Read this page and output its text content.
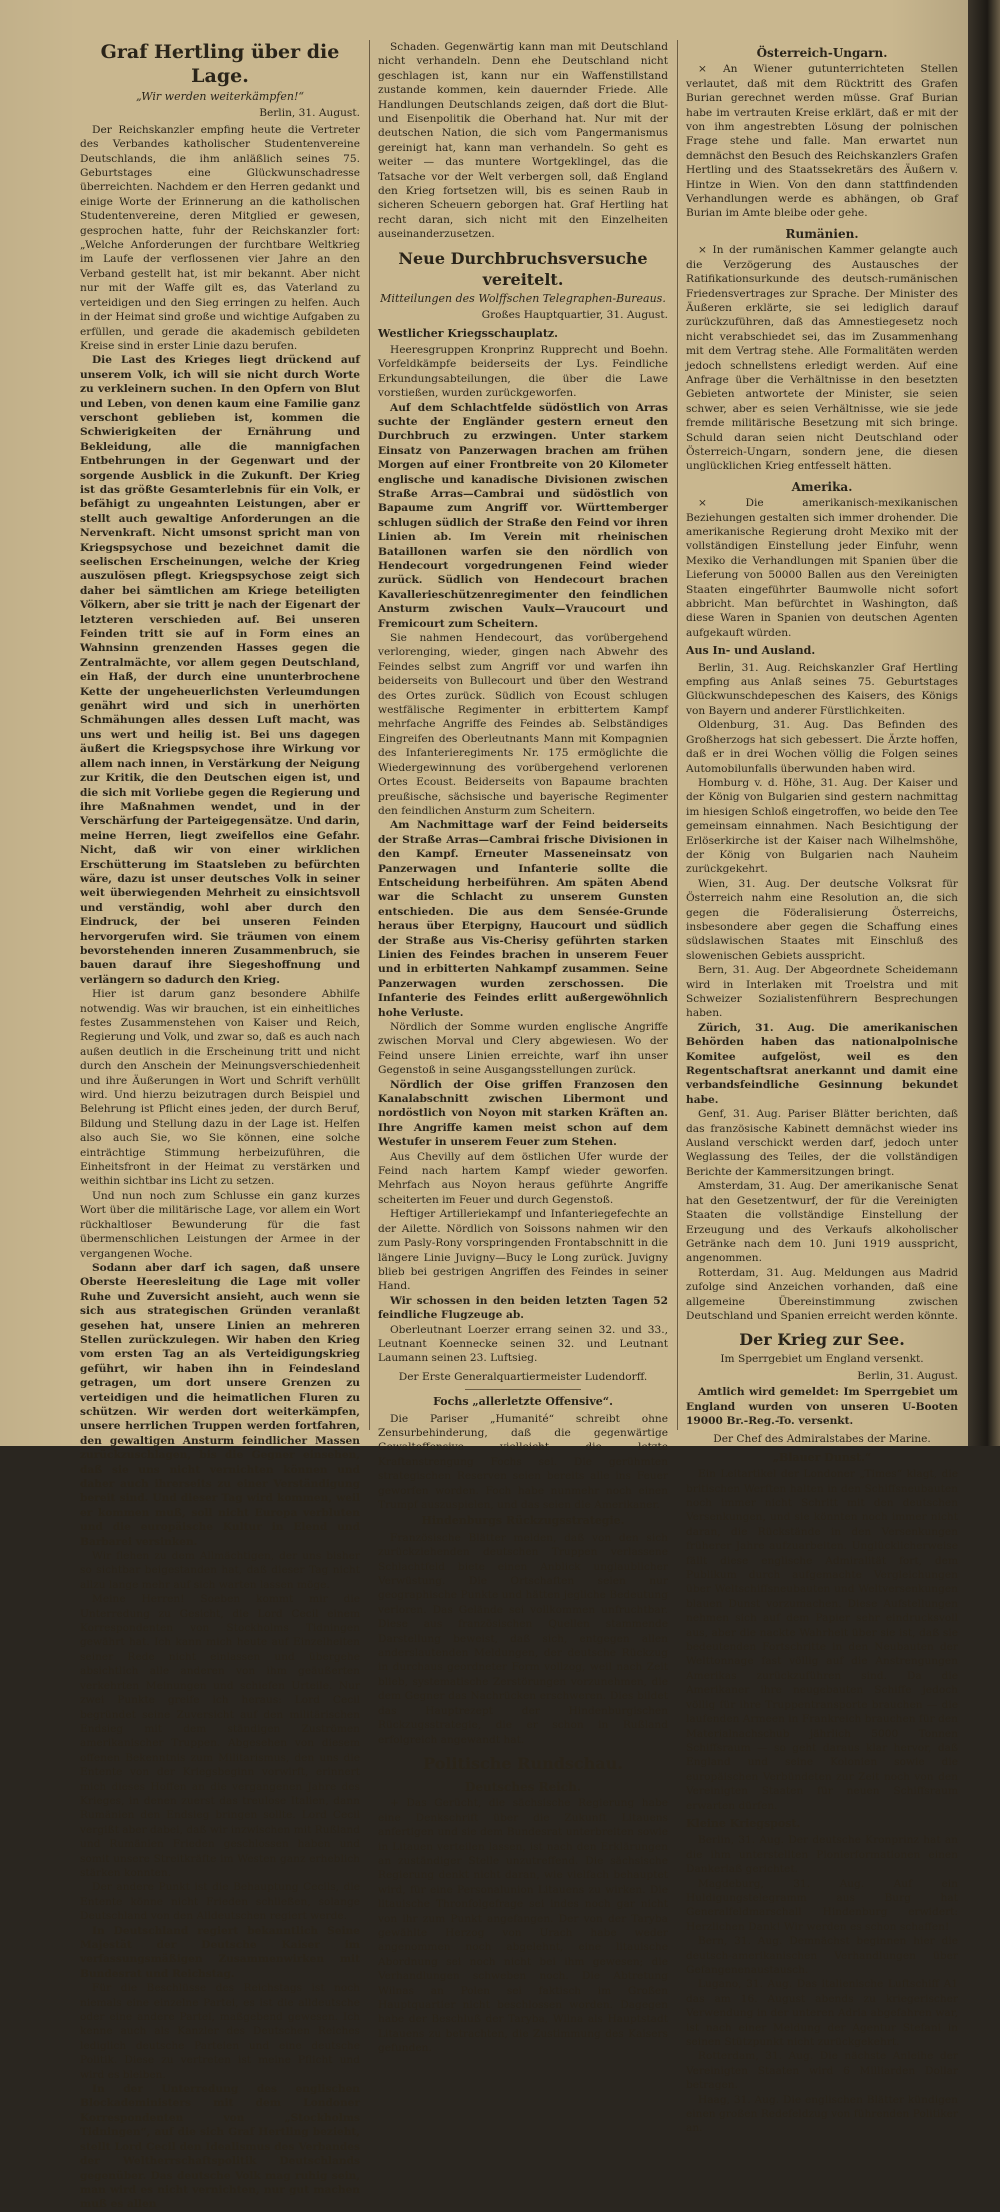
Graf Hertling über die Lage.
„Wir werden weiterkämpfen!“
Berlin, 31. August.

Der Reichskanzler empfing heute die Vertreter des Verbandes katholischer Studentenvereine Deutschlands, die ihm anläßlich seines 75. Geburtstages eine Glückwunschadresse überreichten. Nachdem er den Herren gedankt und einige Worte der Erinnerung an die katholischen Studentenvereine, deren Mitglied er gewesen, gesprochen hatte, fuhr der Reichskanzler fort: „Welche Anforderungen der furchtbare Weltkrieg im Laufe der verflossenen vier Jahre an den Verband gestellt hat, ist mir bekannt. Aber nicht nur mit der Waffe gilt es, das Vaterland zu verteidigen und den Sieg erringen zu helfen. Auch in der Heimat sind große und wichtige Aufgaben zu erfüllen, und gerade die akademisch gebildeten Kreise sind in erster Linie dazu berufen.

Die Last des Krieges liegt drückend auf unserem Volk, ich will sie nicht durch Worte zu verkleinern suchen. In den Opfern von Blut und Leben, von denen kaum eine Familie ganz verschont geblieben ist, kommen die Schwierigkeiten der Ernährung und Bekleidung, alle die mannigfachen Entbehrungen in der Gegenwart und der sorgende Ausblick in die Zukunft. Der Krieg ist das größte Gesamterlebnis für ein Volk, er befähigt zu ungeahnten Leistungen, aber er stellt auch gewaltige Anforderungen an die Nervenkraft. Nicht umsonst spricht man von Kriegspsychose und bezeichnet damit die seelischen Erscheinungen, welche der Krieg auszulösen pflegt. Kriegspsychose zeigt sich daher bei sämtlichen am Kriege beteiligten Völkern, aber sie tritt je nach der Eigenart der letzteren verschieden auf. Bei unseren Feinden tritt sie auf in Form eines an Wahnsinn grenzenden Hasses gegen die Zentralmächte, vor allem gegen Deutschland, ein Haß, der durch eine ununterbrochene Kette der ungeheuerlichsten Verleumdungen genährt wird und sich in unerhörten Schmähungen alles dessen Luft macht, was uns wert und heilig ist. Bei uns dagegen äußert die Kriegspsychose ihre Wirkung vor allem nach innen, in Verstärkung der Neigung zur Kritik, die den Deutschen eigen ist, und die sich mit Vorliebe gegen die Regierung und ihre Maßnahmen wendet, und in der Verschärfung der Parteigegensätze. Und darin, meine Herren, liegt zweifellos eine Gefahr. Nicht, daß wir von einer wirklichen Erschütterung im Staatsleben zu befürchten wäre, dazu ist unser deutsches Volk in seiner weit überwiegenden Mehrheit zu einsichtsvoll und verständig, wohl aber durch den Eindruck, der bei unseren Feinden hervorgerufen wird. Sie träumen von einem bevorstehenden inneren Zusammenbruch, sie bauen darauf ihre Siegeshoffnung und verlängern so dadurch den Krieg.

Hier ist darum ganz besondere Abhilfe notwendig. Was wir brauchen, ist ein einheitliches festes Zusammenstehen von Kaiser und Reich, Regierung und Volk, und zwar so, daß es auch nach außen deutlich in die Erscheinung tritt und nicht durch den Anschein der Meinungsverschiedenheit und ihre Äußerungen in Wort und Schrift verhüllt wird. Und hierzu beizutragen durch Beispiel und Belehrung ist Pflicht eines jeden, der durch Beruf, Bildung und Stellung dazu in der Lage ist. Helfen also auch Sie, wo Sie können, eine solche einträchtige Stimmung herbeizuführen, die Einheitsfront in der Heimat zu verstärken und weithin sichtbar ins Licht zu setzen.

Und nun noch zum Schlusse ein ganz kurzes Wort über die militärische Lage, vor allem ein Wort rückhaltloser Bewunderung für die fast übermenschlichen Leistungen der Armee in der vergangenen Woche.

Sodann aber darf ich sagen, daß unsere Oberste Heeresleitung die Lage mit voller Ruhe und Zuversicht ansieht, auch wenn sie sich aus strategischen Gründen veranlaßt gesehen hat, unsere Linien an mehreren Stellen zurückzulegen. Wir haben den Krieg vom ersten Tag an als Verteidigungskrieg geführt, wir haben ihn in Feindesland getragen, um dort unsere Grenzen zu verteidigen und die heimatlichen Fluren zu schützen. Wir werden dort weiterkämpfen, unsere herrlichen Truppen werden fortfahren, den gewaltigen Ansturm feindlicher Massen zurückzuschlagen, bis die Gegner einsehen, daß sie uns nicht vernichten können und daher auch ihrerseits zu einer Verständigung bereit sind. Und dieser Tag wird kommen, weil er kommen muß, soll nicht Europa verbluten und die europäische Kultur in Elend und Barbarei versinken.

Wir flehen zu dem Allmächtigen, der uns bisher so sichtbar beigestanden hat, daß dieser Tag nicht allzu lange mehr auf sich warten lassen möge.

Meine Herren! Soeben kommt mir die Unterredung zu Gesicht, die Lord Cecil einem Korrespondenten von Stockholms Tidningen gewährt hat. Ich kann mich heute auf Einzelheiten seiner Rede nicht einlassen und übergehe absichtlich alle anderen von ihm geäußerten verkehrten Meinungen und schiefen Urteile. Nur zwei Punkte greife ich heraus: Lord Cecil begründet seine Zuversicht auf den militärischen Endsieg mit dem ständigen Zuströmen amerikanischer Truppen. Abgesehen von diesem offenen Bekenntnis zum Militarismus, den uns die Entente von der Kriegsbeginn vorwirft, erinnert mich dieses Hoffen an die vergangenen Jahre des Krieges, in denen zuerst das treulose Italien, dann Rumänien den Endsieg bringen sollte. Lord Cecil vergißt aber dabei, daß wir inzwischen mit Rußland und Rumänien Frieden geschlossen haben und somit unsere Streitkräfte im Westen ganz erheblich stärken konnten.

Der andere Punkt ist die Behauptung Cecils, die Entente könne nicht Frieden schließen, solange Deutschland von den Alldeutschen regiert werde.

In Deutschland regiert bekanntlich Seine Majestät der Deutsche Kaiser im verfassungsmäßigen Zusammenwirken mit Bundesrat und Reichstag.

Für die Beschlüsse des Reichstags ist noch niemals eine einzelne Partei, es ist die alldeutsche oder eine andere Partei, maßgebend gewesen. Ich kenne auch als Kanzler des Deutschen Reiches lediglich deutsche Parteien und eine deutsche Politik. Diese zu vertreten ist meine Pflicht und wird es bleiben.

In der Unterredung des englischen Blockadeministers mit dem Londoner Korrespondenten von „Stockholms Tidningen“, auf die sich Graf Hertling bezieht, stellt Lord Cecil den Idealismus des Verbandes der Weltherrschaftspolitik Deutschlands gegenüber. Das deutsche Volk mag ruhig sein, man wird es nicht vernichten, nur gut machen muß es allen

Schaden. Gegenwärtig kann man mit Deutschland nicht verhandeln. Denn ehe Deutschland nicht geschlagen ist, kann nur ein Waffenstillstand zustande kommen, kein dauernder Friede. Alle Handlungen Deutschlands zeigen, daß dort die Blut- und Eisenpolitik die Oberhand hat. Nur mit der deutschen Nation, die sich vom Pangermanismus gereinigt hat, kann man verhandeln. So geht es weiter — das muntere Wortgeklingel, das die Tatsache vor der Welt verbergen soll, daß England den Krieg fortsetzen will, bis es seinen Raub in sicheren Scheuern geborgen hat. Graf Hertling hat recht daran, sich nicht mit den Einzelheiten auseinanderzusetzen.

Neue Durchbruchsversuche vereitelt.
Mitteilungen des Wolffschen Telegraphen-Bureaus.
Großes Hauptquartier, 31. August.
Westlicher Kriegsschauplatz.

Heeresgruppen Kronprinz Rupprecht und Boehn. Vorfeldkämpfe beiderseits der Lys. Feindliche Erkundungsabteilungen, die über die Lawe vorstießen, wurden zurückgeworfen.

Auf dem Schlachtfelde südöstlich von Arras suchte der Engländer gestern erneut den Durchbruch zu erzwingen. Unter starkem Einsatz von Panzerwagen brachen am frühen Morgen auf einer Frontbreite von 20 Kilometer englische und kanadische Divisionen zwischen Straße Arras—Cambrai und südöstlich von Bapaume zum Angriff vor. Württemberger schlugen südlich der Straße den Feind vor ihren Linien ab. Im Verein mit rheinischen Bataillonen warfen sie den nördlich von Hendecourt vorgedrungenen Feind wieder zurück. Südlich von Hendecourt brachen Kavallerieschützenregimenter den feindlichen Ansturm zwischen Vaulx—Vraucourt und Fremicourt zum Scheitern.

Sie nahmen Hendecourt, das vorübergehend verlorenging, wieder, gingen nach Abwehr des Feindes selbst zum Angriff vor und warfen ihn beiderseits von Bullecourt und über den Westrand des Ortes zurück. Südlich von Ecoust schlugen westfälische Regimenter in erbittertem Kampf mehrfache Angriffe des Feindes ab. Selbständiges Eingreifen des Oberleutnants Mann mit Kompagnien des Infanterieregiments Nr. 175 ermöglichte die Wiedergewinnung des vorübergehend verlorenen Ortes Ecoust. Beiderseits von Bapaume brachten preußische, sächsische und bayerische Regimenter den feindlichen Ansturm zum Scheitern.

Am Nachmittage warf der Feind beiderseits der Straße Arras—Cambrai frische Divisionen in den Kampf. Erneuter Masseneinsatz von Panzerwagen und Infanterie sollte die Entscheidung herbeiführen. Am späten Abend war die Schlacht zu unserem Gunsten entschieden. Die aus dem Sensée-Grunde heraus über Eterpigny, Haucourt und südlich der Straße aus Vis-Cherisy geführten starken Linien des Feindes brachen in unserem Feuer und in erbitterten Nahkampf zusammen. Seine Panzerwagen wurden zerschossen. Die Infanterie des Feindes erlitt außergewöhnlich hohe Verluste.

Nördlich der Somme wurden englische Angriffe zwischen Morval und Clery abgewiesen. Wo der Feind unsere Linien erreichte, warf ihn unser Gegenstoß in seine Ausgangsstellungen zurück.

Nördlich der Oise griffen Franzosen den Kanalabschnitt zwischen Libermont und nordöstlich von Noyon mit starken Kräften an. Ihre Angriffe kamen meist schon auf dem Westufer in unserem Feuer zum Stehen.

Aus Chevilly auf dem östlichen Ufer wurde der Feind nach hartem Kampf wieder geworfen. Mehrfach aus Noyon heraus geführte Angriffe scheiterten im Feuer und durch Gegenstoß.

Heftiger Artilleriekampf und Infanteriegefechte an der Ailette. Nördlich von Soissons nahmen wir den zum Pasly-Rony vorspringenden Frontabschnitt in die längere Linie Juvigny—Bucy le Long zurück. Juvigny blieb bei gestrigen Angriffen des Feindes in seiner Hand.

Wir schossen in den beiden letzten Tagen 52 feindliche Flugzeuge ab.

Oberleutnant Loerzer errang seinen 32. und 33., Leutnant Koennecke seinen 32. und Leutnant Laumann seinen 23. Luftsieg.

Der Erste Generalquartiermeister Ludendorff.
Fochs „allerletzte Offensive“.

Die Pariser „Humanité“ schreibt ohne Zensurbehinderung, daß die gegenwärtige Gewaltoffensive vielleicht die letzte Kraftanstrengung Fochs sei. Die gerühmten strategischen Reserven seien bereits alle ins Feuer geworfen worden. Foch habe nunmehr noch einen Trumpf auszuspielen, und das seien die Amerikaner.

Hindenburgs Rückzugsstrategie.

Französische Blätter melden, daß von den sich zurückziehenden deutschen Truppen verlassene Schlachtfeld biete einen Anblick unglaublicher Verwüstung. Die Ortschaften seien nur geographische Punkte und hätten jegliche Bedeutung verloren. Das Gelände sei vollkommen unfruchtbar. Diese aus französischen Quellen stammende Darstellung beweist, daß sich, entgegen allen anderslautenden Meldungen, der deutsche Rückzug in durchaus geordneter Form vollzog, weil nach Zeit blieb, systematische Zerstörungen vorzunehmen, die dem Gegner das Nachrücken erschweren. Dies bildet das Hauptrezept der Hindenburgischen Rückzugsstrategie, die er schon in Rußland erfolgreich angewandt hat.

Politische Rundschau.
Deutsches Reich.

+ Das Gerücht, die sächsische Regierung habe eine Denkschrift über die Zukunft Litauens anfertigen und sie dem Bundesrat unterbreiten sowie in Litauen verteilen lassen, ist nach den Erklärungen an zuständiger Stelle unzutreffend. Die sächsische Regierung denkt nicht daran, wie vielfach behauptet wird, für eine Personalunion Litauens zu wirken. Die litauische Thronfolgefrage sei indes noch gar nicht von ihr zum Punkt angefangen. Der von der Taryba gewählte Herzog von Urach habe weder angenommen noch abgelehnt, eine litauische Abordnung sei noch nicht bei ihm gewesen; die Verhandlungen schweben noch. Die Abtretung Wilnas an Polen sei faktisch im Großen Hauptquartier nicht beschlossen worden. Dagegen habe der Beschluß der Taryba, Wilna als Hauptstadt Litauens zu betrachten, die Zustimmung des Kaisers gefunden.

Österreich-Ungarn.

× An Wiener gutunterrichteten Stellen verlautet, daß mit dem Rücktritt des Grafen Burian gerechnet werden müsse. Graf Burian habe im vertrauten Kreise erklärt, daß er mit der von ihm angestrebten Lösung der polnischen Frage stehe und falle. Man erwartet nun demnächst den Besuch des Reichskanzlers Grafen Hertling und des Staatssekretärs des Äußern v. Hintze in Wien. Von den dann stattfindenden Verhandlungen werde es abhängen, ob Graf Burian im Amte bleibe oder gehe.

Rumänien.

× In der rumänischen Kammer gelangte auch die Verzögerung des Austausches der Ratifikationsurkunde des deutsch-rumänischen Friedensvertrages zur Sprache. Der Minister des Äußeren erklärte, sie sei lediglich darauf zurückzuführen, daß das Amnestiegesetz noch nicht verabschiedet sei, das im Zusammenhang mit dem Vertrag stehe. Alle Formalitäten werden jedoch schnellstens erledigt werden. Auf eine Anfrage über die Verhältnisse in den besetzten Gebieten antwortete der Minister, sie seien schwer, aber es seien Verhältnisse, wie sie jede fremde militärische Besetzung mit sich bringe. Schuld daran seien nicht Deutschland oder Österreich-Ungarn, sondern jene, die diesen unglücklichen Krieg entfesselt hätten.

Amerika.

× Die amerikanisch-mexikanischen Beziehungen gestalten sich immer drohender. Die amerikanische Regierung droht Mexiko mit der vollständigen Einstellung jeder Einfuhr, wenn Mexiko die Verhandlungen mit Spanien über die Lieferung von 50000 Ballen aus den Vereinigten Staaten eingeführter Baumwolle nicht sofort abbricht. Man befürchtet in Washington, daß diese Waren in Spanien von deutschen Agenten aufgekauft würden.

Aus In- und Ausland.

Berlin, 31. Aug. Reichskanzler Graf Hertling empfing aus Anlaß seines 75. Geburtstages Glückwunschdepeschen des Kaisers, des Königs von Bayern und anderer Fürstlichkeiten.

Oldenburg, 31. Aug. Das Befinden des Großherzogs hat sich gebessert. Die Ärzte hoffen, daß er in drei Wochen völlig die Folgen seines Automobilunfalls überwunden haben wird.

Homburg v. d. Höhe, 31. Aug. Der Kaiser und der König von Bulgarien sind gestern nachmittag im hiesigen Schloß eingetroffen, wo beide den Tee gemeinsam einnahmen. Nach Besichtigung der Erlöserkirche ist der Kaiser nach Wilhelmshöhe, der König von Bulgarien nach Nauheim zurückgekehrt.

Wien, 31. Aug. Der deutsche Volksrat für Österreich nahm eine Resolution an, die sich gegen die Föderalisierung Österreichs, insbesondere aber gegen die Schaffung eines südslawischen Staates mit Einschluß des slowenischen Gebiets ausspricht.

Bern, 31. Aug. Der Abgeordnete Scheidemann wird in Interlaken mit Troelstra und mit Schweizer Sozialistenführern Besprechungen haben.

Zürich, 31. Aug. Die amerikanischen Behörden haben das nationalpolnische Komitee aufgelöst, weil es den Regentschaftsrat anerkannt und damit eine verbandsfeindliche Gesinnung bekundet habe.

Genf, 31. Aug. Pariser Blätter berichten, daß das französische Kabinett demnächst wieder ins Ausland verschickt werden darf, jedoch unter Weglassung des Teiles, der die vollständigen Berichte der Kammersitzungen bringt.

Amsterdam, 31. Aug. Der amerikanische Senat hat den Gesetzentwurf, der für die Vereinigten Staaten die vollständige Einstellung der Erzeugung und des Verkaufs alkoholischer Getränke nach dem 10. Juni 1919 ausspricht, angenommen.

Rotterdam, 31. Aug. Meldungen aus Madrid zufolge sind Anzeichen vorhanden, daß eine allgemeine Übereinstimmung zwischen Deutschland und Spanien erreicht werden könnte.

Der Krieg zur See.
Im Sperrgebiet um England versenkt.
Berlin, 31. August.

Amtlich wird gemeldet: Im Sperrgebiet um England wurden von unseren U-Booten 19000 Br.-Reg.-To. versenkt.

Der Chef des Admiralstabes der Marine.
„Blauer Dunst.“

Ein Leitartikel der Londoner „Times“ klagt, die britischen Werften halten in den Schiffsneubauten noch immer nicht Schritt mit den deutschen Versenkungen, und sie könnten noch immer nicht daran, die Rückstände in den Versenkungen früherer Jahre aufzuarbeiten. Unglücklicherweise fällt diese englische Admiralität fort, dem Publikum durch aufgemachte Vergleichungen über Weltschiffsneubauten und Weltversenkungen blauen Dunst vorzumachen. Diese Aufstellungen nehmen sich auf dem Papier sehr eindrucksvoll aus, aber die nackte Wahrheit über sie ist, daß sie bedeutenden Fortschritte in den Neubauten der Welttonnage fast völlig auf die Anstrengungen Amerikas zurückzuführen sind. Da die Amerikaner ihre neugebauten Schiffe jedoch völlig für ihre Truppentransporte brauchen — die laufenden Armeen in Frankreich brauchen für den Materialnachschub jährlich 5000 Tonnen Schiffsraum — so geht daraus klar hervor, daß England und seine Kolonien sowie die europäischen Verbündeten zur Zeit noch von den Vereinigten Staaten für neuen Schiffsraum erwarten dürfen.

Kleine Kriegspost.

Berlin, 31. Aug. Der deutsche Kronprinz hat an die ihm unterstellten Pionierformationen einen Dankerlaß gerichtet.

Magdeburg, 31. Aug. Auf ein Huldigungstelegramm aus Burg hat Generalfeldmarschall Hindenburg erwidert: Herzlichen Dank! Wir werden es schon schaffen!

Bern, 31. Aug. Demnächst beginnen hier die deutsch-amerikanischen Verhandlungen über Gefangenenaustausch.

Lugano, 31. Aug. Das italienische Luftschiff A1 das am 16. August abends zu kriegerischer Verwendung in der unteren Adria abgefahren war, ist nach einer Meldung der Agentur Stefani in seinen Stützpunkt nicht zurückgekehrt.

Rotterdam, 31. Aug. Die nächste Anleihe der Vereinigten Staaten wird 6 Milliarden Dollar betragen.

Haag, 31. Aug. Die englischen Blätter kündigen einen großen Redefeldzug von führenden Politiker an.
